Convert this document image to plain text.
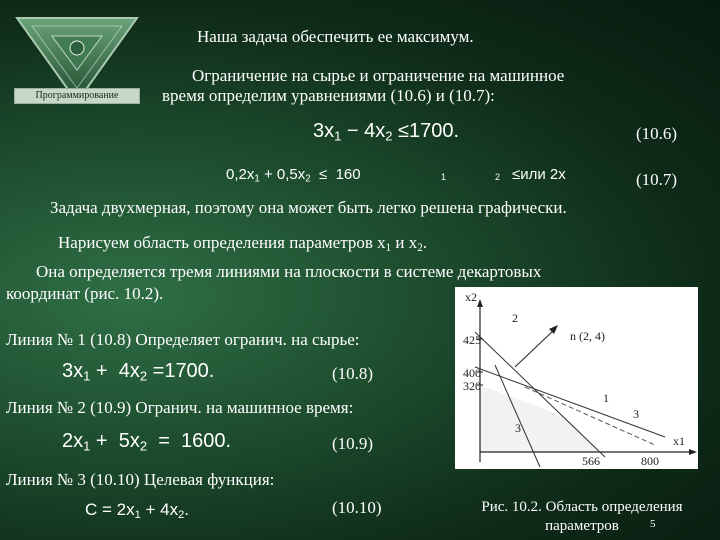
Программирование
Наша задача обеспечить ее максимум.
Ограничение на сырье и ограничение на машинное
время определим уравнениями (10.6) и (10.7):
$3x_1 - 4x_2 \le 1700$.	(10.6)
$0,2x_1 + 0,5x_2 \le 160$	1	2 ≤или 2x	(10.7)
Задача двухмерная, поэтому она может быть легко решена графически.
Нарисуем область определения параметров $x_1$ и $x_2$.
Она определяется тремя линиями на плоскости в системе декартовых
координат (рис. 10.2).
Линия № 1 (10.8) Определяет огранич. на сырье:
$3x_1 + 4x_2 =1700$.	(10.8)
Линия № 2 (10.9) Огранич. на машинное время:
$2x_1 + 5x_2 = 1600$.	(10.9)
Линия № 3 (10.10) Целевая функция:
$C = 2x_1 + 4x_2$.	(10.10)
x2
x1
425
400
320
566	800
n (2, 4)
1
2
3
3
Рис. 10.2. Область определения параметров	5
